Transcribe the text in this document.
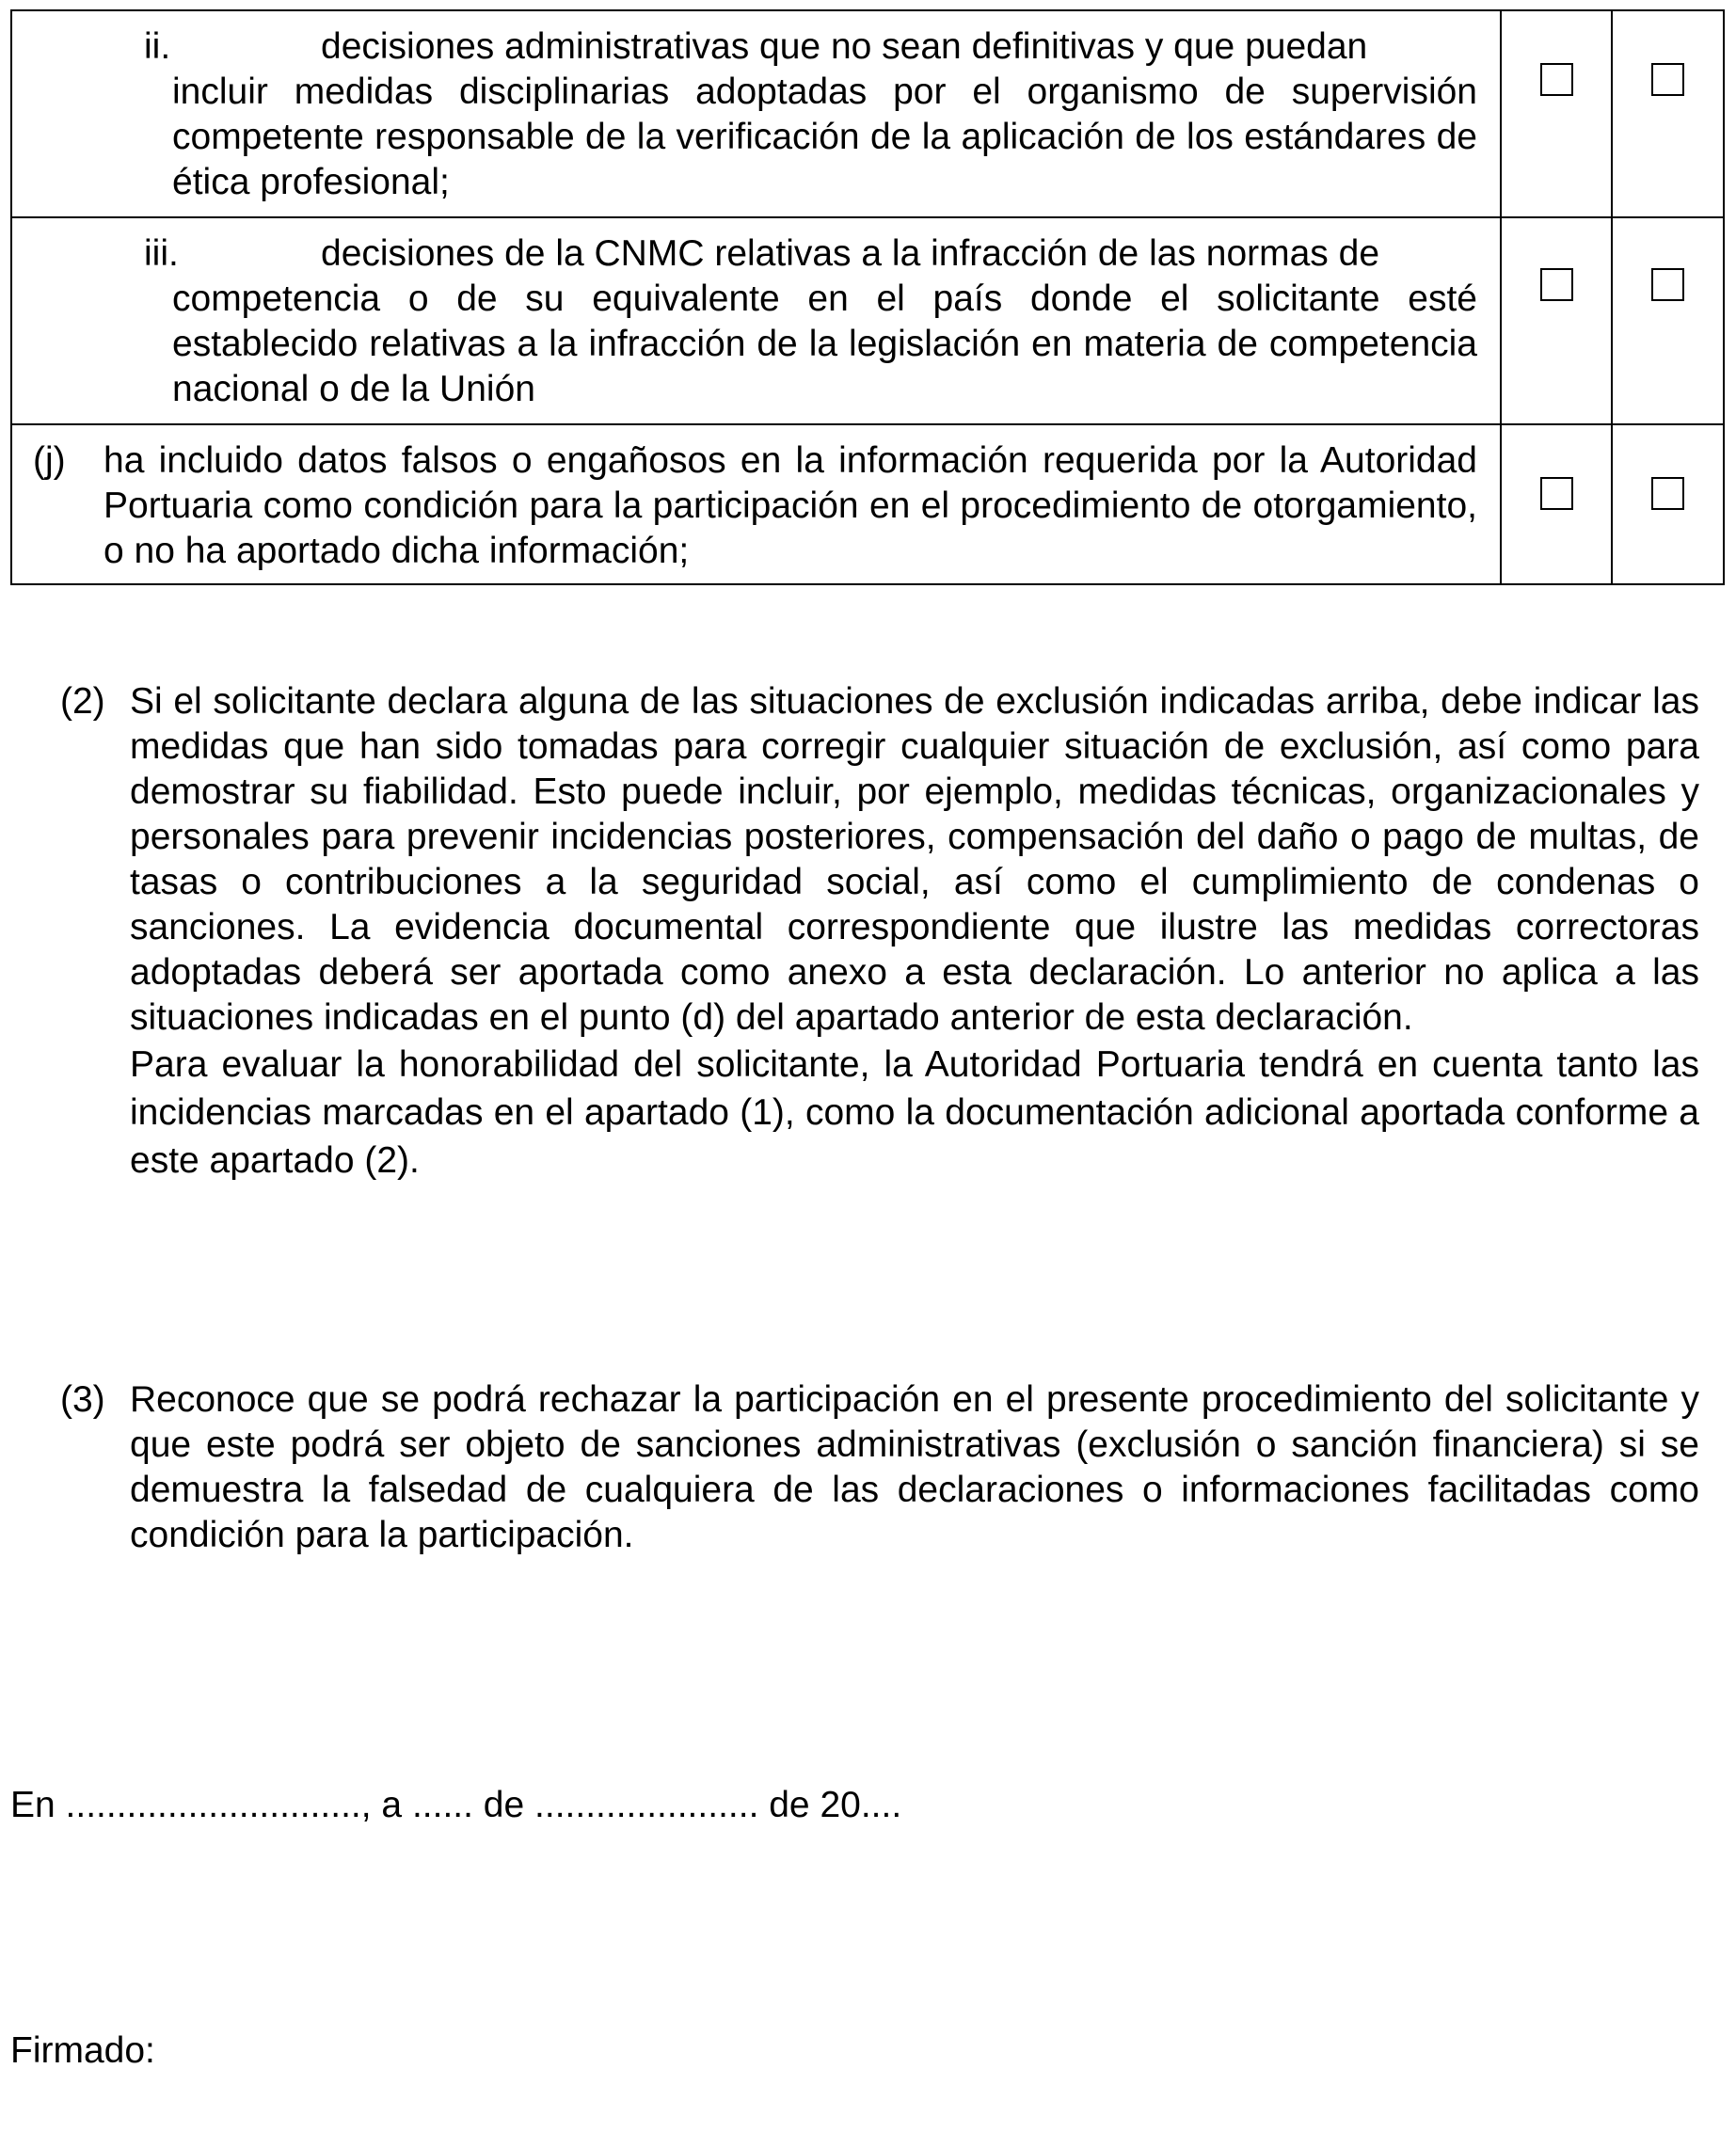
ii. decisiones administrativas que no sean definitivas y que puedan
incluir medidas disciplinarias adoptadas por el organismo de supervisión competente responsable de la verificación de la aplicación de los estándares de ética profesional;		

iii. decisiones de la CNMC relativas a la infracción de las normas de
competencia o de su equivalente en el país donde el solicitante esté establecido relativas a la infracción de la legislación en materia de competencia nacional o de la Unión		

(j) ha incluido datos falsos o engañosos en la información requerida por la Autoridad Portuaria como condición para la participación en el procedimiento de otorgamiento, o no ha aportado dicha información;		

(2) Si el solicitante declara alguna de las situaciones de exclusión indicadas arriba, debe indicar las medidas que han sido tomadas para corregir cualquier situación de exclusión, así como para demostrar su fiabilidad. Esto puede incluir, por ejemplo, medidas técnicas, organizacionales y personales para prevenir incidencias posteriores, compensación del daño o pago de multas, de tasas o contribuciones a la seguridad social, así como el cumplimiento de condenas o sanciones. La evidencia documental correspondiente que ilustre las medidas correctoras adoptadas deberá ser aportada como anexo a esta declaración. Lo anterior no aplica a las situaciones indicadas en el punto (d) del apartado anterior de esta declaración.

Para evaluar la honorabilidad del solicitante, la Autoridad Portuaria tendrá en cuenta tanto las incidencias marcadas en el apartado (1), como la documentación adicional aportada conforme a este apartado (2).

(3) Reconoce que se podrá rechazar la participación en el presente procedimiento del solicitante y que este podrá ser objeto de sanciones administrativas (exclusión o sanción financiera) si se demuestra la falsedad de cualquiera de las declaraciones o informaciones facilitadas como condición para la participación.

En ............................., a ...... de ...................... de 20....
Firmado:
